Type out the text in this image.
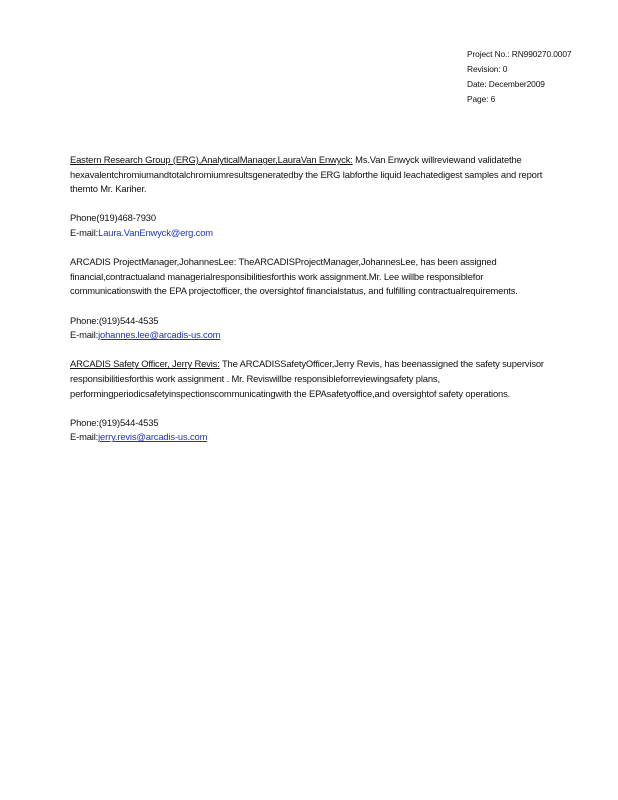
Project No.: RN990270.0007
Revision: 0
Date: December2009
Page: 6
Eastern Research Group (ERG),AnalyticalManager,LauraVan Enwyck: Ms.Van Enwyck willreviewand validatethe hexavalentchromiumandtotalchromiumresultsgeneratedby the ERG labforthe liquid leachatedigest samples and report themto Mr. Kariher.
Phone(919)468-7930
E-mail:Laura.VanEnwyck@erg.com
ARCADIS ProjectManager,JohannesLee: TheARCADISProjectManager,JohannesLee, has been assigned financial,contractualand managerialresponsibilitiesforthis work assignment.Mr. Lee willbe responsiblefor communicationswith the EPA projectofficer, the oversightof financialstatus, and fulfilling contractualrequirements.
Phone:(919)544-4535
E-mail:johannes.lee@arcadis-us.com
ARCADIS Safety Officer, Jerry Revis: The ARCADISSafetyOfficer,Jerry Revis, has beenassigned the safety supervisor responsibilitiesforthis work assignment . Mr. Reviswillbe responsibleforreviewingsafety plans, performingperiodicsafetyinspectionscommunicatingwith the EPAsafetyoffice,and oversightof safety operations.
Phone:(919)544-4535
E-mail:jerry.revis@arcadis-us.com
